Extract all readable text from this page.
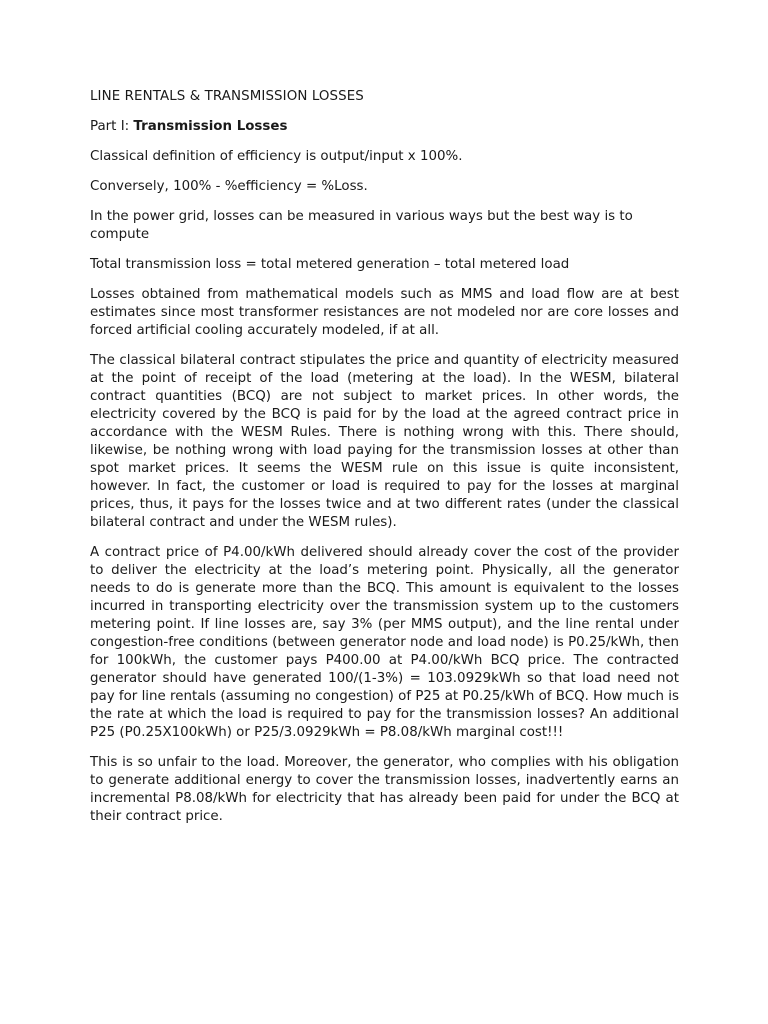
LINE RENTALS & TRANSMISSION LOSSES
Part I: Transmission Losses

Classical definition of efficiency is output/input x 100%.

Conversely, 100% - %efficiency = %Loss.

In the power grid, losses can be measured in various ways but the best way is to compute

Total transmission loss = total metered generation – total metered load

Losses obtained from mathematical models such as MMS and load flow are at best estimates since most transformer resistances are not modeled nor are core losses and forced artificial cooling accurately modeled, if at all.

The classical bilateral contract stipulates the price and quantity of electricity measured at the point of receipt of the load (metering at the load). In the WESM, bilateral contract quantities (BCQ) are not subject to market prices. In other words, the electricity covered by the BCQ is paid for by the load at the agreed contract price in accordance with the WESM Rules. There is nothing wrong with this. There should, likewise, be nothing wrong with load paying for the transmission losses at other than spot market prices. It seems the WESM rule on this issue is quite inconsistent, however. In fact, the customer or load is required to pay for the losses at marginal prices, thus, it pays for the losses twice and at two different rates (under the classical bilateral contract and under the WESM rules).

A contract price of P4.00/kWh delivered should already cover the cost of the provider to deliver the electricity at the load’s metering point. Physically, all the generator needs to do is generate more than the BCQ. This amount is equivalent to the losses incurred in transporting electricity over the transmission system up to the customers metering point. If line losses are, say 3% (per MMS output), and the line rental under congestion-free conditions (between generator node and load node) is P0.25/kWh, then for 100kWh, the customer pays P400.00 at P4.00/kWh BCQ price. The contracted generator should have generated 100/(1-3%) = 103.0929kWh so that load need not pay for line rentals (assuming no congestion) of P25 at P0.25/kWh of BCQ. How much is the rate at which the load is required to pay for the transmission losses? An additional P25 (P0.25X100kWh) or P25/3.0929kWh = P8.08/kWh marginal cost!!!

This is so unfair to the load. Moreover, the generator, who complies with his obligation to generate additional energy to cover the transmission losses, inadvertently earns an incremental P8.08/kWh for electricity that has already been paid for under the BCQ at their contract price.
